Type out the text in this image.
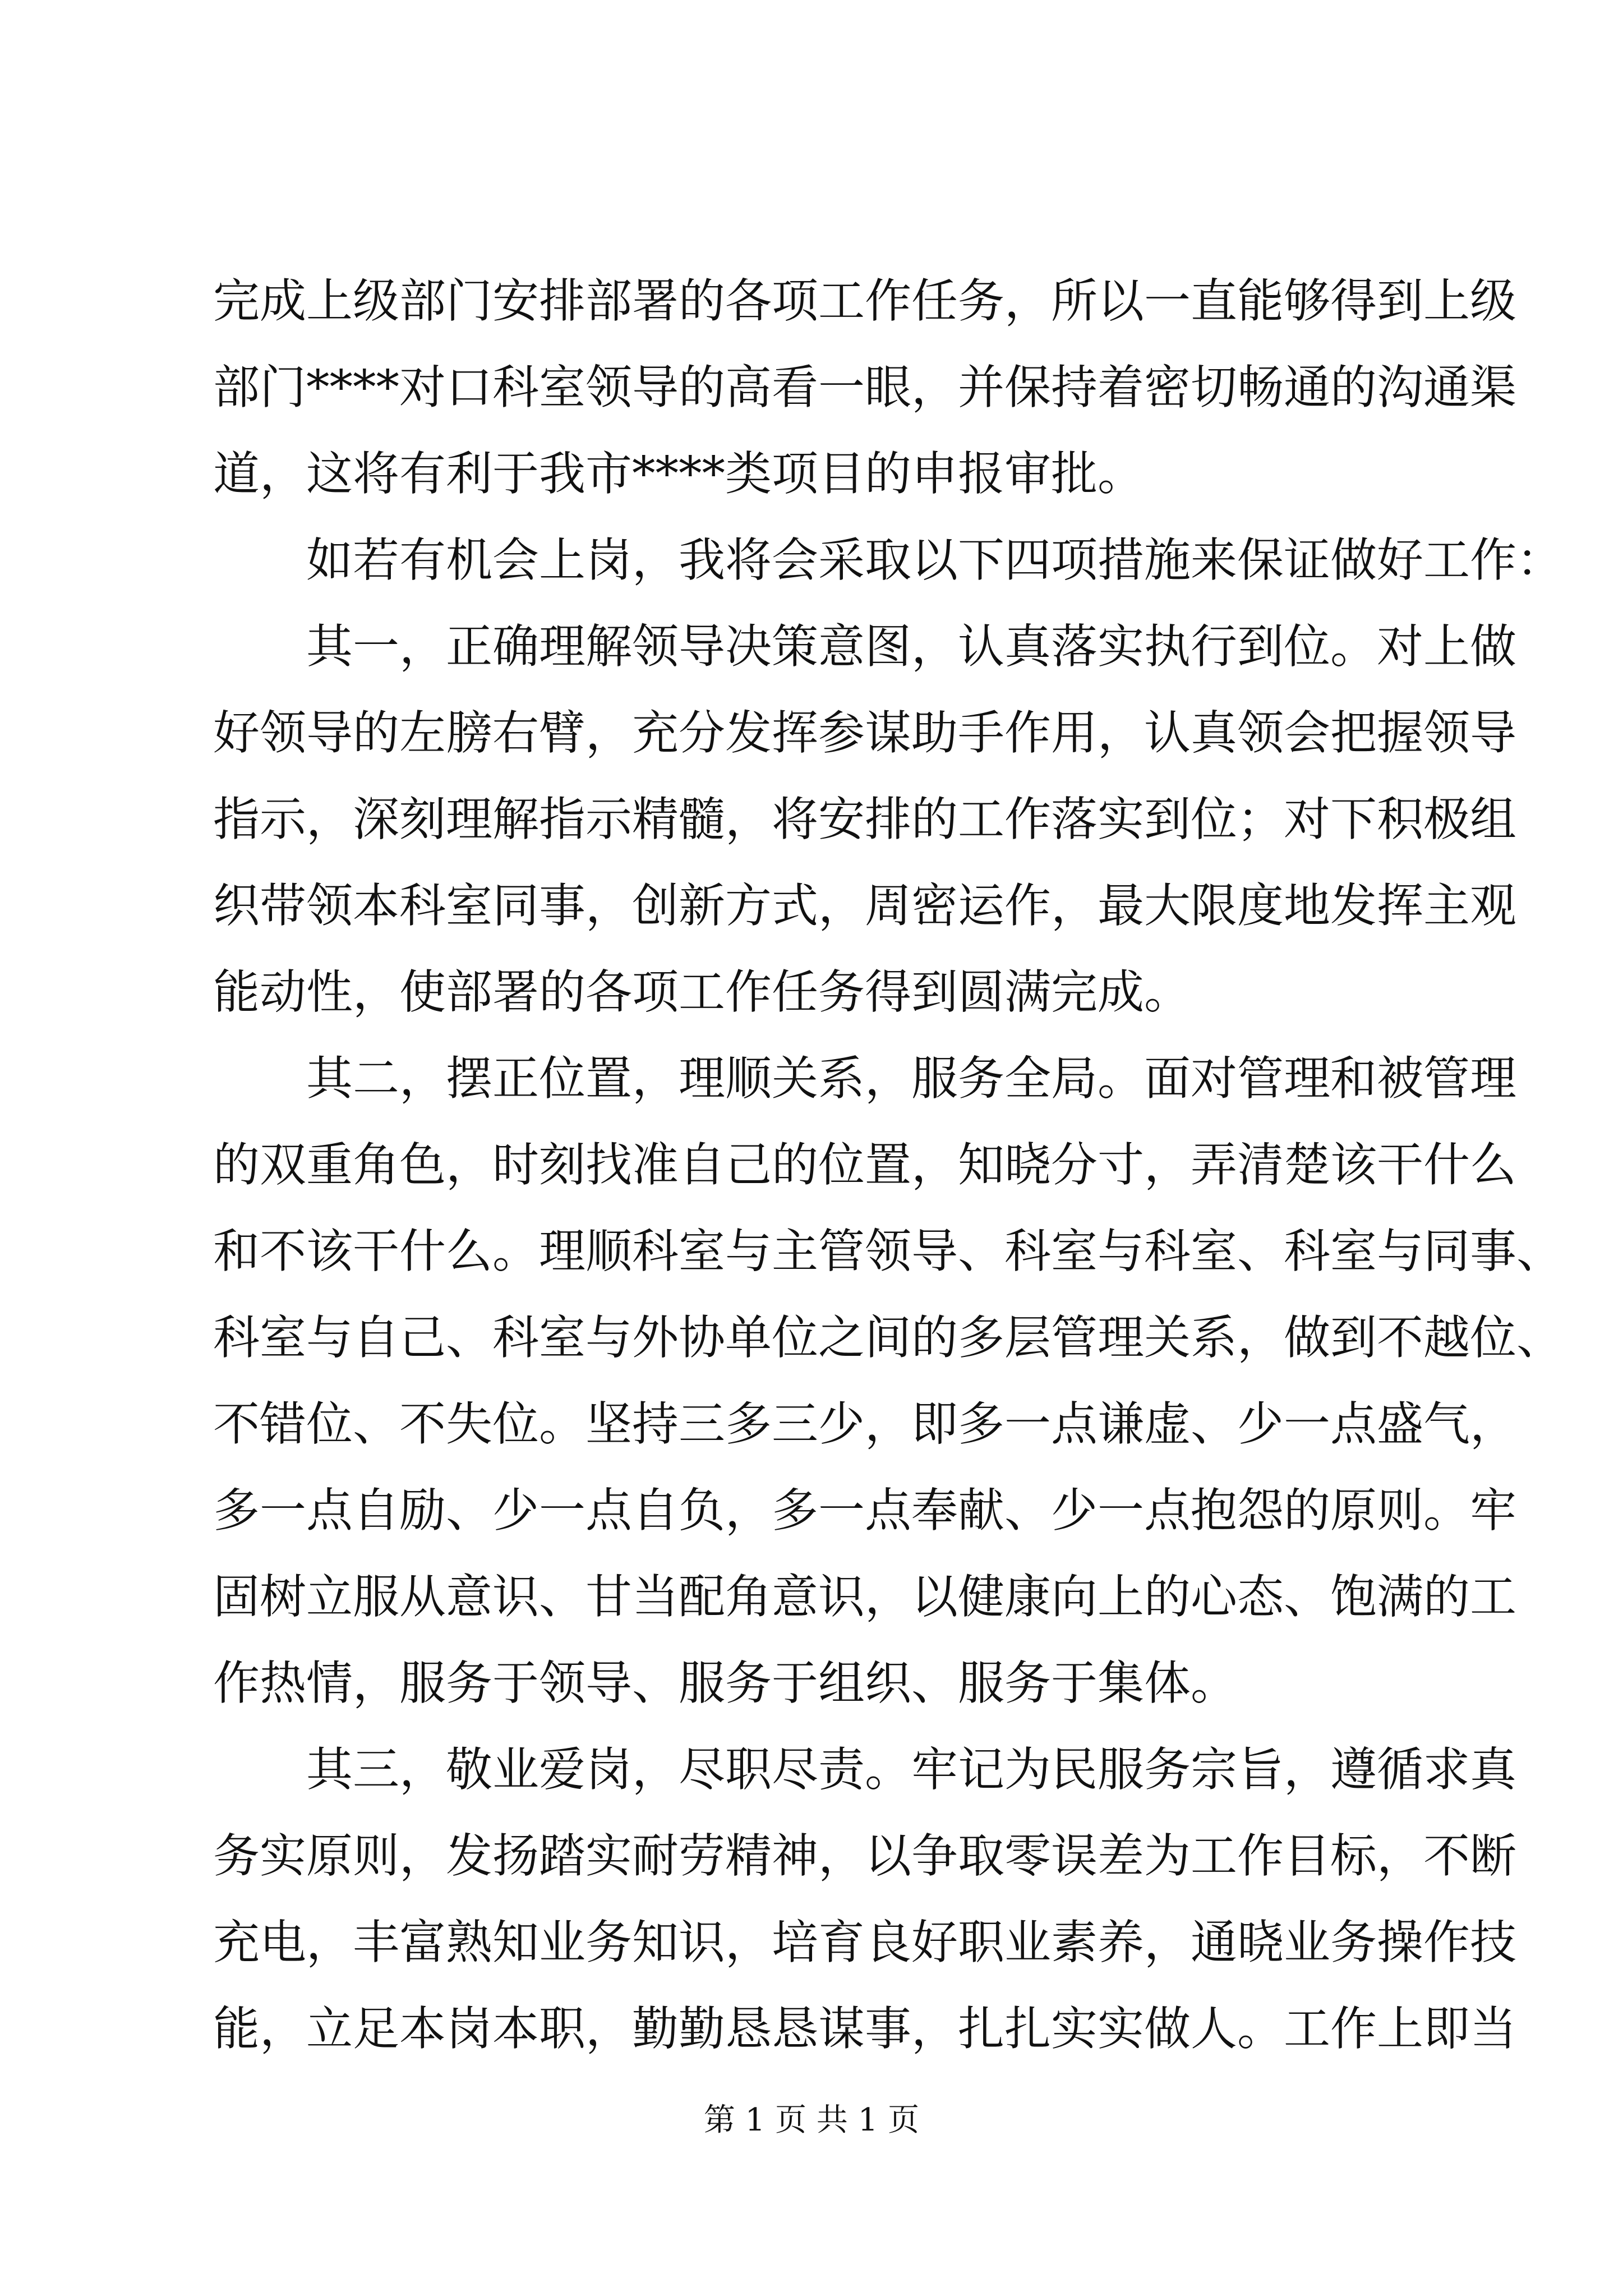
完成上级部门安排部署的各项工作任务，所以一直能够得到上级
部门****对口科室领导的高看一眼，并保持着密切畅通的沟通渠
道，这将有利于我市****类项目的申报审批。
如若有机会上岗，我将会采取以下四项措施来保证做好工作：
其一，正确理解领导决策意图，认真落实执行到位。对上做
好领导的左膀右臂，充分发挥参谋助手作用，认真领会把握领导
指示，深刻理解指示精髓，将安排的工作落实到位；对下积极组
织带领本科室同事，创新方式，周密运作，最大限度地发挥主观
能动性，使部署的各项工作任务得到圆满完成。
其二，摆正位置，理顺关系，服务全局。面对管理和被管理
的双重角色，时刻找准自己的位置，知晓分寸，弄清楚该干什么
和不该干什么。理顺科室与主管领导、科室与科室、科室与同事、
科室与自己、科室与外协单位之间的多层管理关系，做到不越位、
不错位、不失位。坚持三多三少，即多一点谦虚、少一点盛气，
多一点自励、少一点自负，多一点奉献、少一点抱怨的原则。牢
固树立服从意识、甘当配角意识，以健康向上的心态、饱满的工
作热情，服务于领导、服务于组织、服务于集体。
其三，敬业爱岗，尽职尽责。牢记为民服务宗旨，遵循求真
务实原则，发扬踏实耐劳精神，以争取零误差为工作目标，不断
充电，丰富熟知业务知识，培育良好职业素养，通晓业务操作技
能，立足本岗本职，勤勤恳恳谋事，扎扎实实做人。工作上即当
第 1 页 共 1 页
